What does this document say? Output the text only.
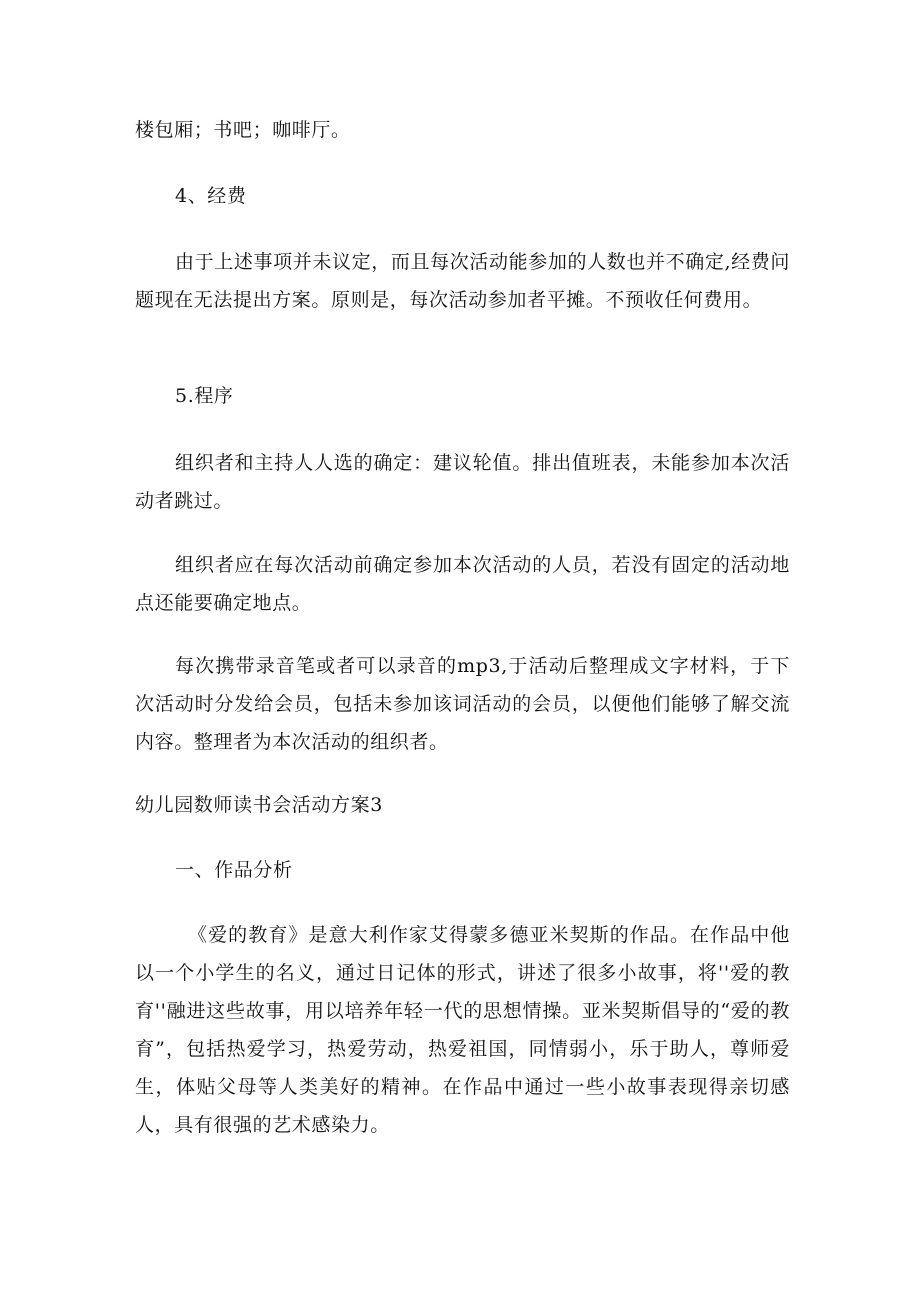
楼包厢；书吧；咖啡厅。

4、经费

由于上述事项并未议定，而且每次活动能参加的人数也并不确定,经费问题现在无法提出方案。原则是，每次活动参加者平摊。不预收任何费用。

5.程序

组织者和主持人人选的确定：建议轮值。排出值班表，未能参加本次活动者跳过。

组织者应在每次活动前确定参加本次活动的人员，若没有固定的活动地点还能要确定地点。

每次携带录音笔或者可以录音的mp3,于活动后整理成文字材料，于下次活动时分发给会员，包括未参加该词活动的会员，以便他们能够了解交流内容。整理者为本次活动的组织者。

幼儿园数师读书会活动方案3

一、作品分析

《爱的教育》是意大利作家艾得蒙多德亚米契斯的作品。在作品中他以一个小学生的名义，通过日记体的形式，讲述了很多小故事，将''爱的教育''融进这些故事，用以培养年轻一代的思想情操。亚米契斯倡导的“爱的教育”，包括热爱学习，热爱劳动，热爱祖国，同情弱小，乐于助人，尊师爱生，体贴父母等人类美好的精神。在作品中通过一些小故事表现得亲切感人，具有很强的艺术感染力。
